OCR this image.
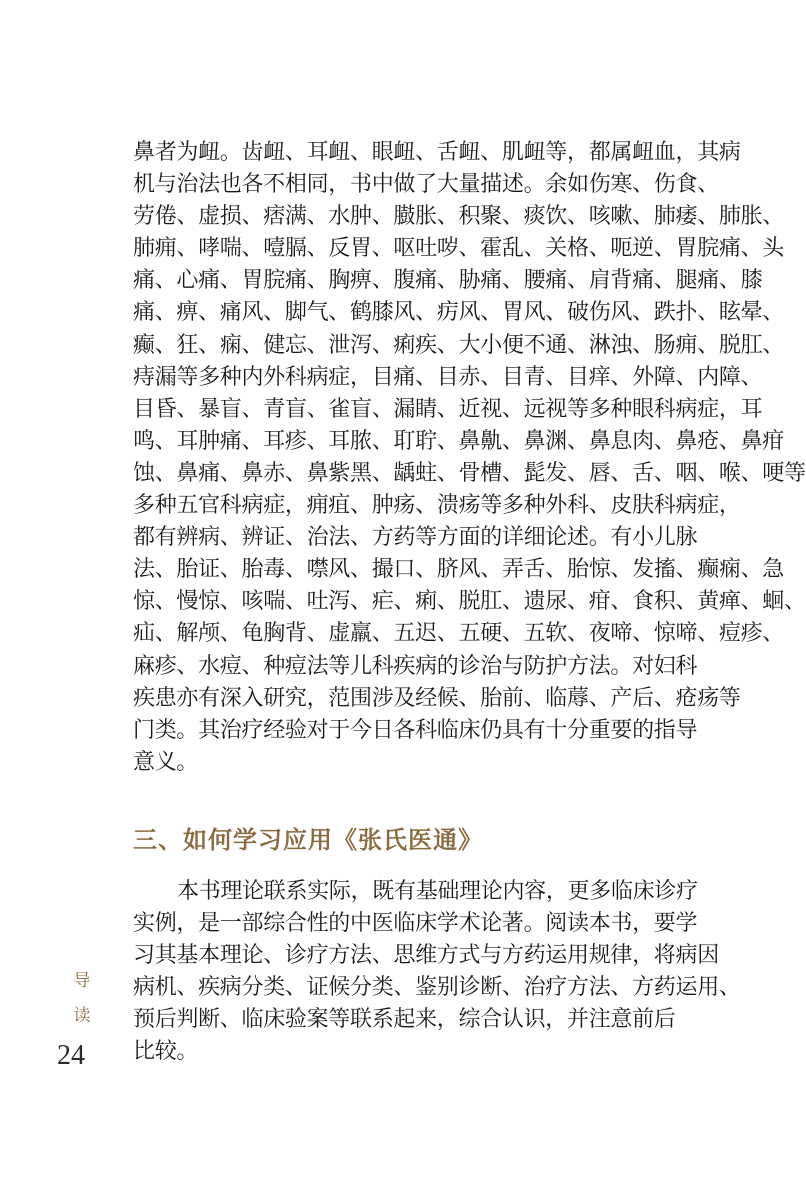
鼻者为衄。齿衄、耳衄、眼衄、舌衄、肌衄等，都属衄血，其病
机与治法也各不相同，书中做了大量描述。余如伤寒、伤食、
劳倦、虚损、痞满、水肿、臌胀、积聚、痰饮、咳嗽、肺痿、肺胀、
肺痈、哮喘、噎膈、反胃、呕吐哕、霍乱、关格、呃逆、胃脘痛、头
痛、心痛、胃脘痛、胸痹、腹痛、胁痛、腰痛、肩背痛、腿痛、膝
痛、痹、痛风、脚气、鹤膝风、疠风、胃风、破伤风、跌扑、眩晕、
癫、狂、痫、健忘、泄泻、痢疾、大小便不通、淋浊、肠痈、脱肛、
痔漏等多种内外科病症，目痛、目赤、目青、目痒、外障、内障、
目昏、暴盲、青盲、雀盲、漏睛、近视、远视等多种眼科病症，耳
鸣、耳肿痛、耳疹、耳脓、耵聍、鼻鼽、鼻渊、鼻息肉、鼻疮、鼻疳
蚀、鼻痛、鼻赤、鼻紫黑、龋蛀、骨槽、髭发、唇、舌、咽、喉、哽等
多种五官科病症，痈疽、肿疡、溃疡等多种外科、皮肤科病症，
都有辨病、辨证、治法、方药等方面的详细论述。有小儿脉
法、胎证、胎毒、噤风、撮口、脐风、弄舌、胎惊、发搐、癫痫、急
惊、慢惊、咳喘、吐泻、疟、痢、脱肛、遗尿、疳、食积、黄瘅、蛔、
疝、解颅、龟胸背、虚羸、五迟、五硬、五软、夜啼、惊啼、痘疹、
麻疹、水痘、种痘法等儿科疾病的诊治与防护方法。对妇科
疾患亦有深入研究，范围涉及经候、胎前、临蓐、产后、疮疡等
门类。其治疗经验对于今日各科临床仍具有十分重要的指导
意义。
三、如何学习应用《张氏医通》
本书理论联系实际，既有基础理论内容，更多临床诊疗
实例，是一部综合性的中医临床学术论著。阅读本书，要学
习其基本理论、诊疗方法、思维方式与方药运用规律，将病因
病机、疾病分类、证候分类、鉴别诊断、治疗方法、方药运用、
预后判断、临床验案等联系起来，综合认识，并注意前后
比较。
导
读
24
